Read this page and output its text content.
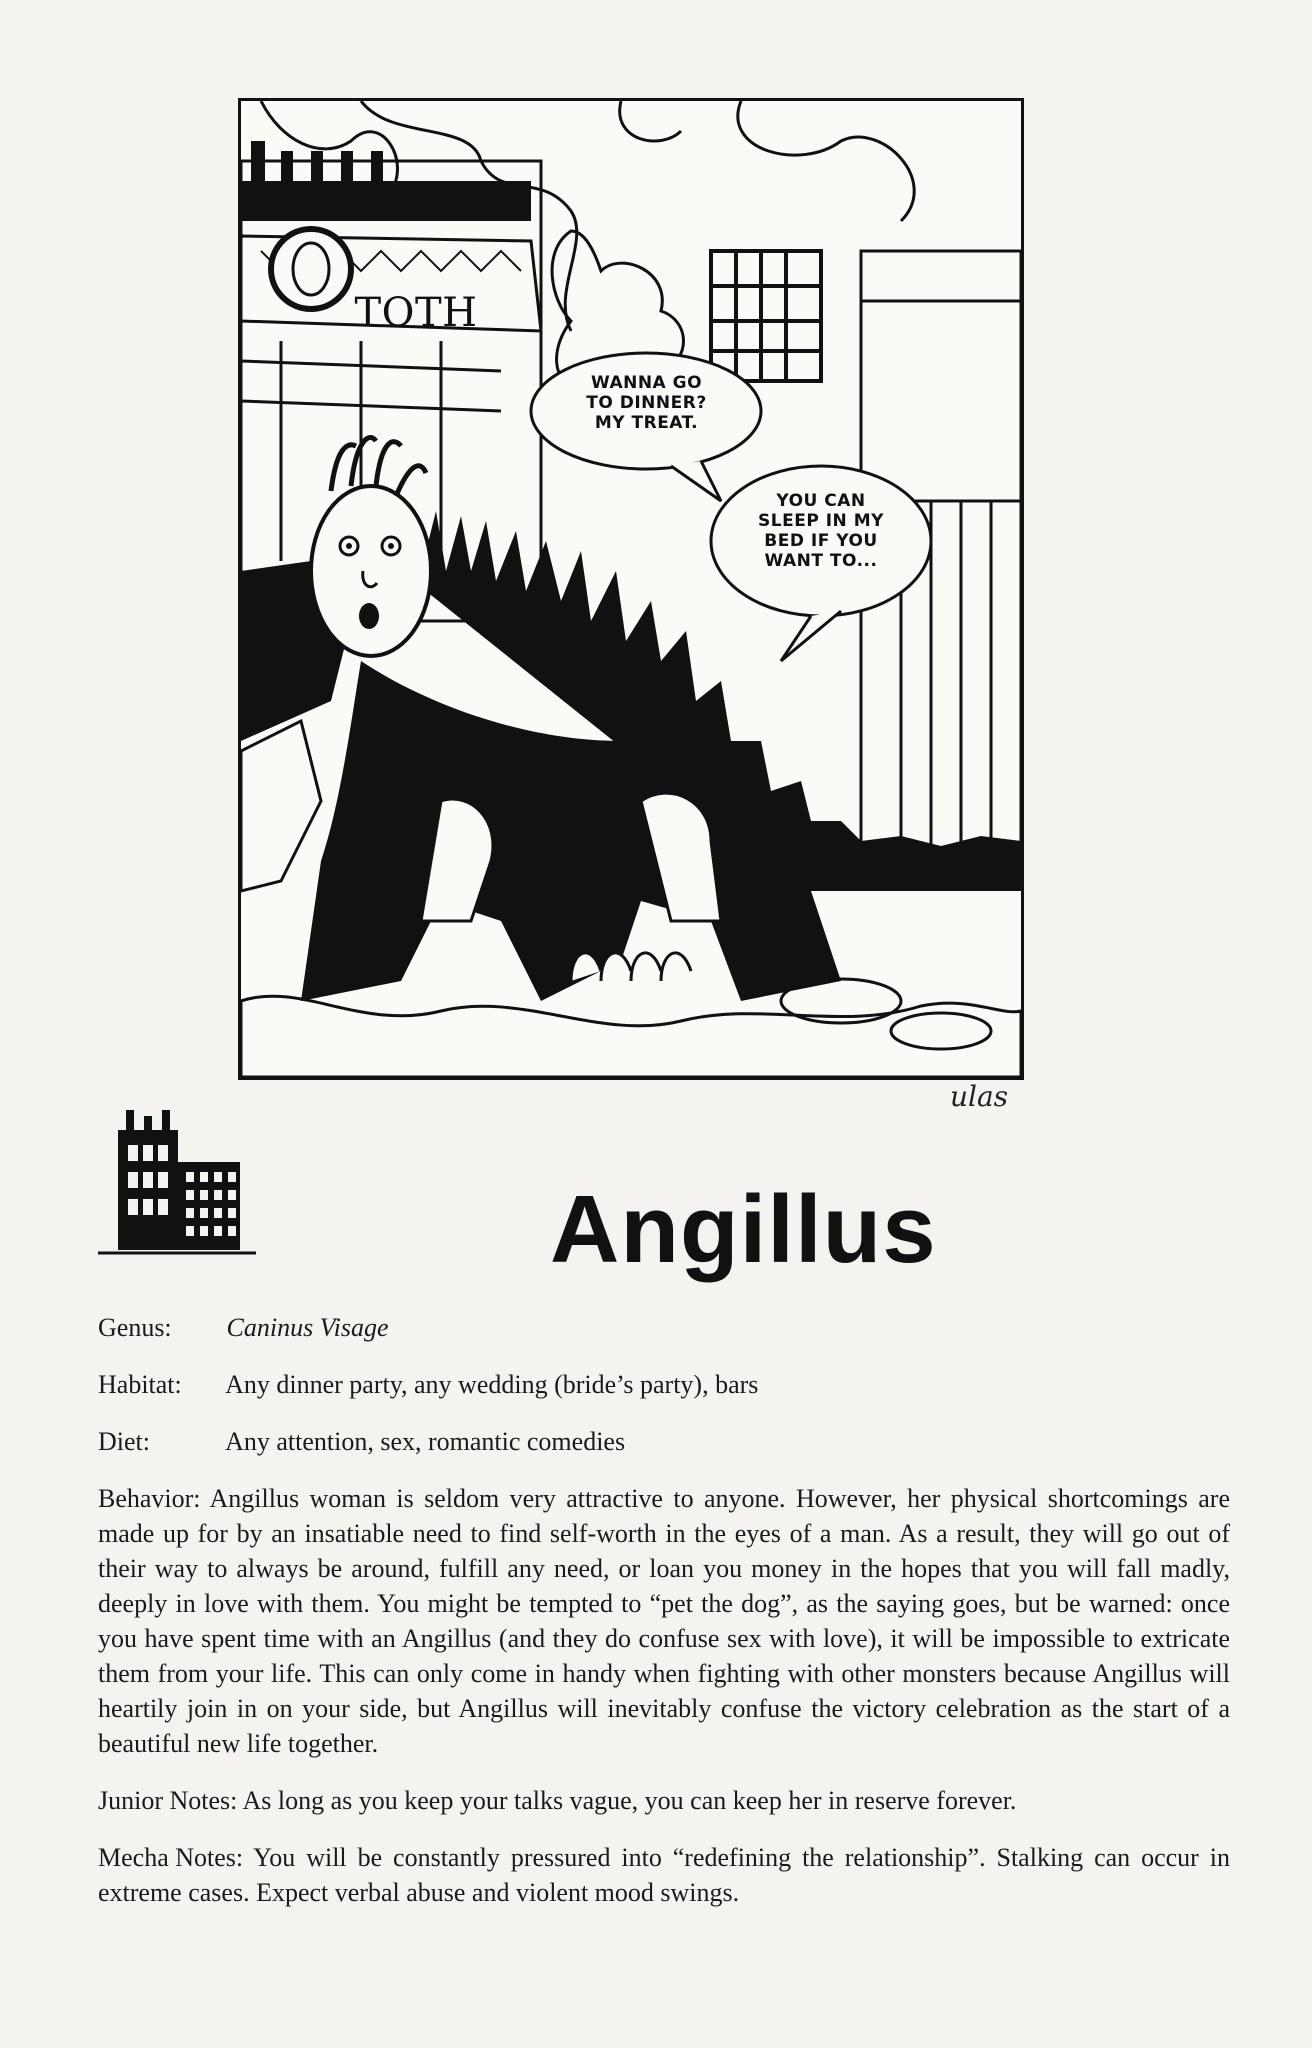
WANNA GO
TO DINNER?
MY TREAT.
YOU CAN
SLEEP IN MY
BED IF YOU
WANT TO...
TOTH
ulas
Angillus
Genus: Caninus Visage
Habitat: Any dinner party, any wedding (bride’s party), bars
Diet:	Any attention, sex, romantic comedies
Behavior: Angillus woman is seldom very attractive to anyone. However, her physical shortcomings are made up for by an insatiable need to find self-worth in the eyes of a man. As a result, they will go out of their way to always be around, fulfill any need, or loan you money in the hopes that you will fall madly, deeply in love with them. You might be tempted to “pet the dog”, as the saying goes, but be warned: once you have spent time with an Angillus (and they do confuse sex with love), it will be impossible to extricate them from your life. This can only come in handy when fighting with other monsters because Angillus will heartily join in on your side, but Angillus will inevitably confuse the victory celebration as the start of a beautiful new life together.
Junior Notes: As long as you keep your talks vague, you can keep her in reserve forever.
Mecha Notes: You will be constantly pressured into “redefining the relationship”. Stalking can occur in extreme cases. Expect verbal abuse and violent mood swings.
